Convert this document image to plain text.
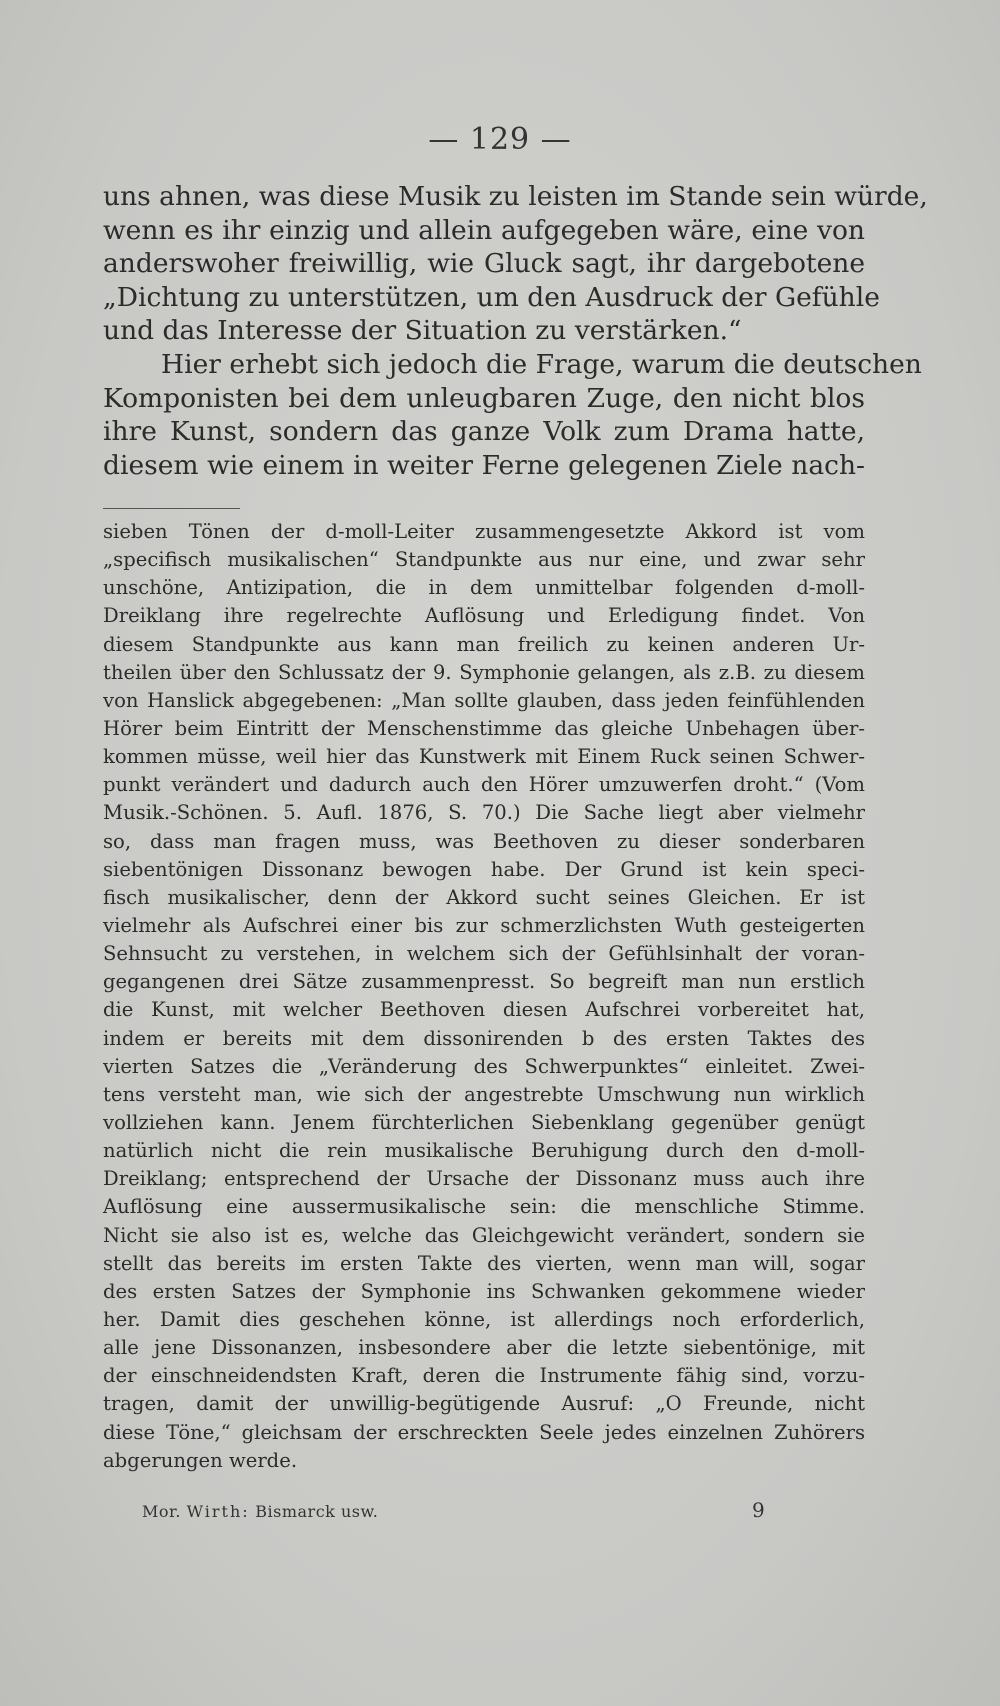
— 129 —
uns ahnen, was diese Musik zu leisten im Stande sein würde,
wenn es ihr einzig und allein aufgegeben wäre, eine von
anderswoher freiwillig, wie Gluck sagt, ihr dargebotene
„Dichtung zu unterstützen, um den Ausdruck der Gefühle
und das Interesse der Situation zu verstärken.“
Hier erhebt sich jedoch die Frage, warum die deutschen
Komponisten bei dem unleugbaren Zuge, den nicht blos
ihre Kunst, sondern das ganze Volk zum Drama hatte,
diesem wie einem in weiter Ferne gelegenen Ziele nach-
sieben Tönen der d-moll-Leiter zusammengesetzte Akkord ist vom
„specifisch musikalischen“ Standpunkte aus nur eine, und zwar sehr
unschöne, Antizipation, die in dem unmittelbar folgenden d-moll-
Dreiklang ihre regelrechte Auflösung und Erledigung findet. Von
diesem Standpunkte aus kann man freilich zu keinen anderen Ur-
theilen über den Schlussatz der 9. Symphonie gelangen, als z.B. zu diesem
von Hanslick abgegebenen: „Man sollte glauben, dass jeden feinfühlenden
Hörer beim Eintritt der Menschenstimme das gleiche Unbehagen über-
kommen müsse, weil hier das Kunstwerk mit Einem Ruck seinen Schwer-
punkt verändert und dadurch auch den Hörer umzuwerfen droht.“ (Vom
Musik.-Schönen. 5. Aufl. 1876, S. 70.) Die Sache liegt aber vielmehr
so, dass man fragen muss, was Beethoven zu dieser sonderbaren
siebentönigen Dissonanz bewogen habe. Der Grund ist kein speci-
fisch musikalischer, denn der Akkord sucht seines Gleichen. Er ist
vielmehr als Aufschrei einer bis zur schmerzlichsten Wuth gesteigerten
Sehnsucht zu verstehen, in welchem sich der Gefühlsinhalt der voran-
gegangenen drei Sätze zusammenpresst. So begreift man nun erstlich
die Kunst, mit welcher Beethoven diesen Aufschrei vorbereitet hat,
indem er bereits mit dem dissonirenden b des ersten Taktes des
vierten Satzes die „Veränderung des Schwerpunktes“ einleitet. Zwei-
tens versteht man, wie sich der angestrebte Umschwung nun wirklich
vollziehen kann. Jenem fürchterlichen Siebenklang gegenüber genügt
natürlich nicht die rein musikalische Beruhigung durch den d-moll-
Dreiklang; entsprechend der Ursache der Dissonanz muss auch ihre
Auflösung eine aussermusikalische sein: die menschliche Stimme.
Nicht sie also ist es, welche das Gleichgewicht verändert, sondern sie
stellt das bereits im ersten Takte des vierten, wenn man will, sogar
des ersten Satzes der Symphonie ins Schwanken gekommene wieder
her. Damit dies geschehen könne, ist allerdings noch erforderlich,
alle jene Dissonanzen, insbesondere aber die letzte siebentönige, mit
der einschneidendsten Kraft, deren die Instrumente fähig sind, vorzu-
tragen, damit der unwillig-begütigende Ausruf: „O Freunde, nicht
diese Töne,“ gleichsam der erschreckten Seele jedes einzelnen Zuhörers
abgerungen werde.
Mor. Wirth: Bismarck usw.	9
